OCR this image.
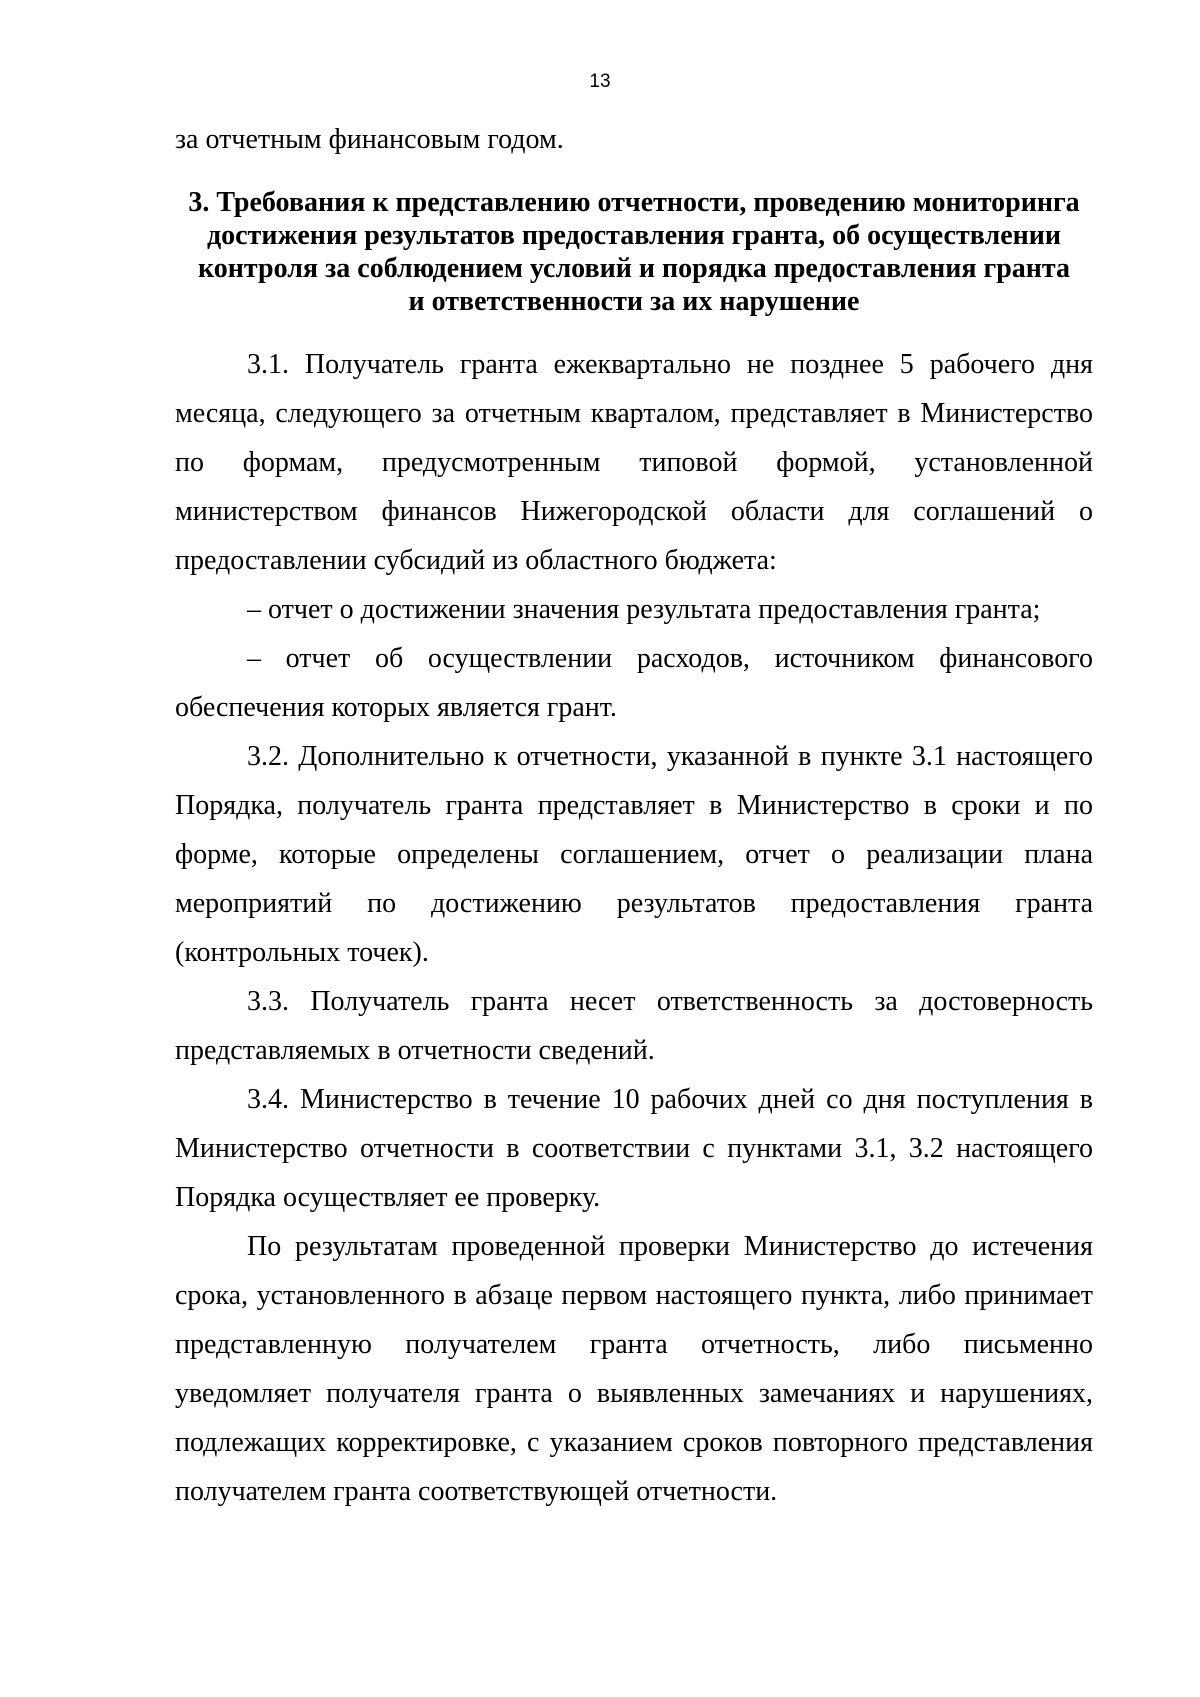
13

за отчетным финансовым годом.

3. Требования к представлению отчетности, проведению мониторинга
достижения результатов предоставления гранта, об осуществлении
контроля за соблюдением условий и порядка предоставления гранта
и ответственности за их нарушение

3.1. Получатель гранта ежеквартально не позднее 5 рабочего дня месяца, следующего за отчетным кварталом, представляет в Министерство по формам, предусмотренным типовой формой, установленной министерством финансов Нижегородской области для соглашений о предоставлении субсидий из областного бюджета:

– отчет о достижении значения результата предоставления гранта;

– отчет об осуществлении расходов, источником финансового обеспечения которых является грант.

3.2. Дополнительно к отчетности, указанной в пункте 3.1 настоящего Порядка, получатель гранта представляет в Министерство в сроки и по форме, которые определены соглашением, отчет о реализации плана мероприятий по достижению результатов предоставления гранта (контрольных точек).

3.3. Получатель гранта несет ответственность за достоверность представляемых в отчетности сведений.

3.4. Министерство в течение 10 рабочих дней со дня поступления в Министерство отчетности в соответствии с пунктами 3.1, 3.2 настоящего Порядка осуществляет ее проверку.

По результатам проведенной проверки Министерство до истечения срока, установленного в абзаце первом настоящего пункта, либо принимает представленную получателем гранта отчетность, либо письменно уведомляет получателя гранта о выявленных замечаниях и нарушениях, подлежащих корректировке, с указанием сроков повторного представления получателем гранта соответствующей отчетности.
